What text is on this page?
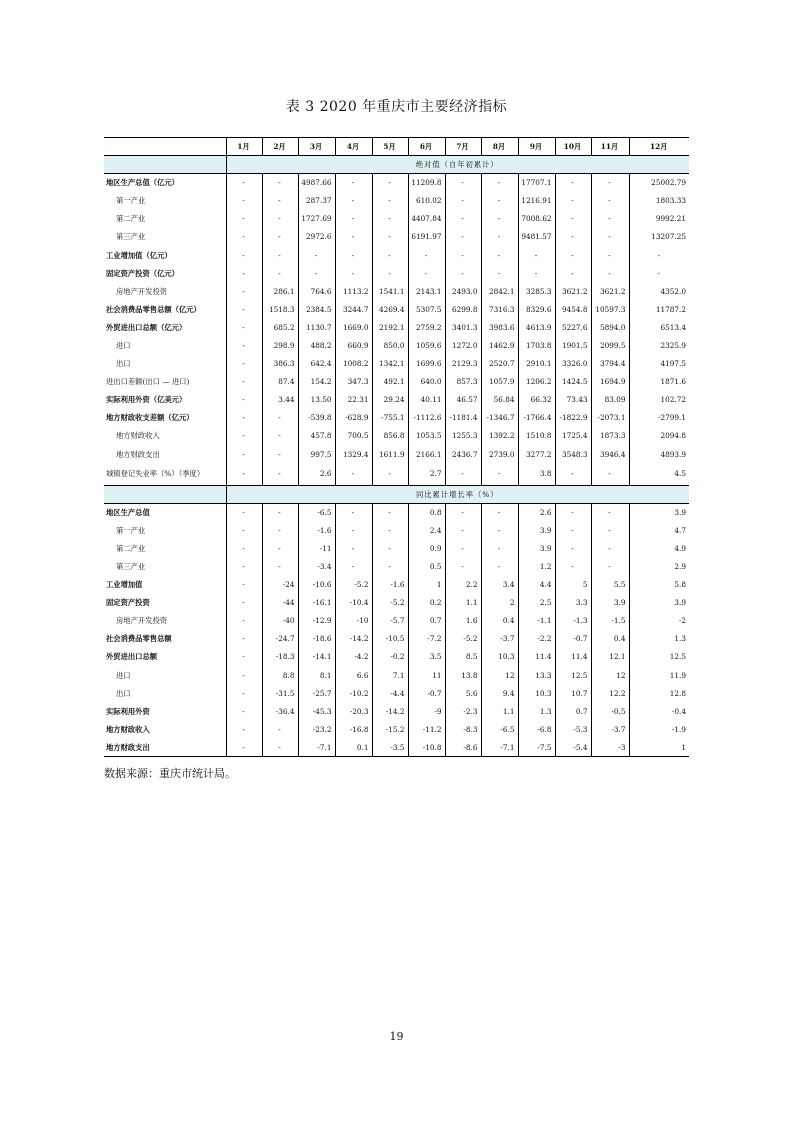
表 3 2020 年重庆市主要经济指标
	1月	2月	3月	4月	5月	6月	7月	8月	9月	10月	11月	12月
	绝对值（自年初累计）											
地区生产总值（亿元）	-	-	4987.66	-	-	11209.8	-	-	17707.1	-	-	25002.79
第一产业	-	-	287.37	-	-	610.02	-	-	1216.91	-	-	1803.33
第二产业	-	-	1727.69	-	-	4407.84	-	-	7008.62	-	-	9992.21
第三产业	-	-	2972.6	-	-	6191.97	-	-	9481.57	-	-	13207.25
工业增加值（亿元）	-	-	-	-	-	-	-	-	-	-	-	-
固定资产投资（亿元）	-	-	-	-	-	-	-	-	-	-	-	-
房地产开发投资	-	286.1	764.6	1113.2	1541.1	2143.1	2493.0	2842.1	3285.3	3621.2	3621.2	4352.0
社会消费品零售总额（亿元）	-	1518.3	2384.5	3244.7	4269.4	5307.5	6299.8	7316.3	8329.6	9454.8	10597.3	11787.2
外贸进出口总额（亿元）	-	685.2	1130.7	1669.0	2192.1	2759.2	3401.3	3983.6	4613.9	5227.6	5894.0	6513.4
进口	-	298.9	488.2	660.9	850.0	1059.6	1272.0	1462.9	1703.8	1901.5	2099.5	2325.9
出口	-	386.3	642.4	1008.2	1342.1	1699.6	2129.3	2520.7	2910.1	3326.0	3794.4	4197.5
进出口差额(出口 — 进口)	-	87.4	154.2	347.3	492.1	640.0	857.3	1057.9	1206.2	1424.5	1694.9	1871.6
实际利用外资（亿美元）	-	3.44	13.50	22.31	29.24	40.11	46.57	56.84	66.32	73.43	83.09	102.72
地方财政收支差额（亿元）	-	-	-539.8	-628.9	-755.1	-1112.6	-1181.4	-1346.7	-1766.4	-1822.9	-2073.1	-2799.1
地方财政收入	-	-	457.8	700.5	856.8	1053.5	1255.3	1392.2	1510.8	1725.4	1873.3	2094.8
地方财政支出	-	-	997.5	1329.4	1611.9	2166.1	2436.7	2739.0	3277.2	3548.3	3946.4	4893.9
城镇登记失业率（%）（季度）	-	-	2.6	-	-	2.7	-	-	3.8	-	-	4.5
	同比累计增长率（%）											
地区生产总值	-	-	-6.5	-	-	0.8	-	-	2.6	-	-	3.9
第一产业	-	-	-1.6	-	-	2.4	-	-	3.9	-	-	4.7
第二产业	-	-	-11	-	-	0.9	-	-	3.9	-	-	4.9
第三产业	-	-	-3.4	-	-	0.5	-	-	1.2	-	-	2.9
工业增加值	-	-24	-10.6	-5.2	-1.6	1	2.2	3.4	4.4	5	5.5	5.8
固定资产投资	-	-44	-16.1	-10.4	-5.2	0.2	1.1	2	2.5	3.3	3.9	3.9
房地产开发投资	-	-40	-12.9	-10	-5.7	0.7	1.6	0.4	-1.1	-1.3	-1.5	-2
社会消费品零售总额	-	-24.7	-18.6	-14.2	-10.5	-7.2	-5.2	-3.7	-2.2	-0.7	0.4	1.3
外贸进出口总额	-	-18.3	-14.1	-4.2	-0.2	3.5	8.5	10.3	11.4	11.4	12.1	12.5
进口	-	8.8	8.1	6.6	7.1	11	13.8	12	13.3	12.5	12	11.9
出口	-	-31.5	-25.7	-10.2	-4.4	-0.7	5.6	9.4	10.3	10.7	12.2	12.8
实际利用外资	-	-36.4	-45.3	-20.3	-14.2	-9	-2.3	1.1	1.3	0.7	-0.5	-0.4
地方财政收入	-	-	-23.2	-16.8	-15.2	-11.2	-8.3	-6.5	-6.8	-5.3	-3.7	-1.9
地方财政支出	-	-	-7.1	0.1	-3.5	-10.8	-8.6	-7.1	-7.5	-5.4	-3	1
数据来源：重庆市统计局。
19
